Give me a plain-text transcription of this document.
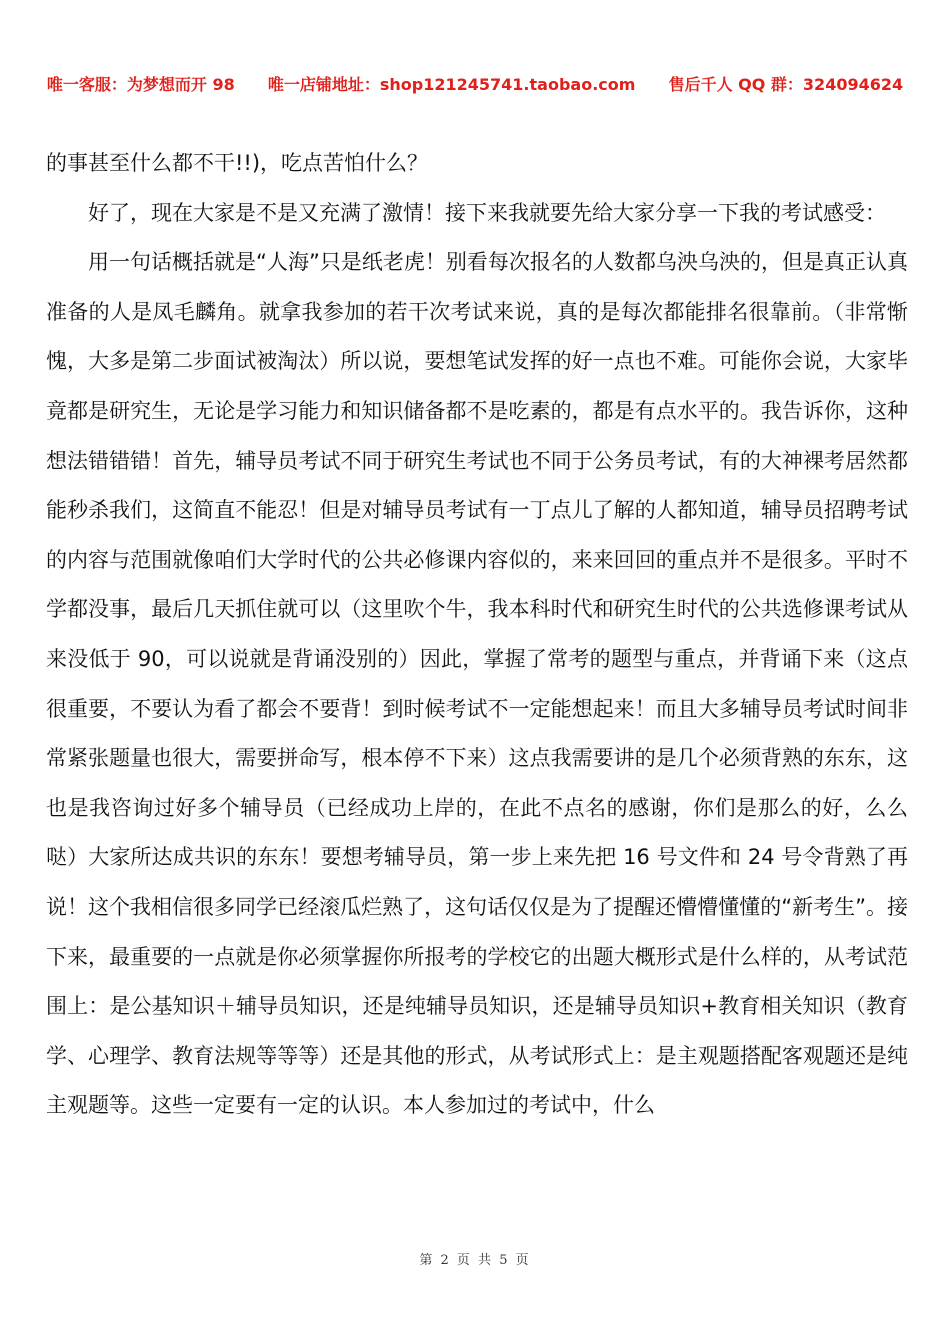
唯一客服：为梦想而开 98 唯一店铺地址：shop121245741.taobao.com 售后千人 QQ 群：324094624

的事甚至什么都不干!!)，吃点苦怕什么？

好了，现在大家是不是又充满了激情！接下来我就要先给大家分享一下我的考试感受：

用一句话概括就是“人海”只是纸老虎！别看每次报名的人数都乌泱乌泱的，但是真正认真准备的人是凤毛麟角。就拿我参加的若干次考试来说，真的是每次都能排名很靠前。（非常惭愧，大多是第二步面试被淘汰）所以说，要想笔试发挥的好一点也不难。可能你会说，大家毕竟都是研究生，无论是学习能力和知识储备都不是吃素的，都是有点水平的。我告诉你，这种想法错错错！首先，辅导员考试不同于研究生考试也不同于公务员考试，有的大神裸考居然都能秒杀我们，这简直不能忍！但是对辅导员考试有一丁点儿了解的人都知道，辅导员招聘考试的内容与范围就像咱们大学时代的公共必修课内容似的，来来回回的重点并不是很多。平时不学都没事，最后几天抓住就可以（这里吹个牛，我本科时代和研究生时代的公共选修课考试从来没低于 90，可以说就是背诵没别的）因此，掌握了常考的题型与重点，并背诵下来（这点很重要，不要认为看了都会不要背！到时候考试不一定能想起来！而且大多辅导员考试时间非常紧张题量也很大，需要拼命写，根本停不下来）这点我需要讲的是几个必须背熟的东东，这也是我咨询过好多个辅导员（已经成功上岸的，在此不点名的感谢，你们是那么的好，么么哒）大家所达成共识的东东！要想考辅导员，第一步上来先把 16 号文件和 24 号令背熟了再说！这个我相信很多同学已经滚瓜烂熟了，这句话仅仅是为了提醒还懵懵懂懂的“新考生”。接下来，最重要的一点就是你必须掌握你所报考的学校它的出题大概形式是什么样的，从考试范围上：是公基知识＋辅导员知识，还是纯辅导员知识，还是辅导员知识+教育相关知识（教育学、心理学、教育法规等等等）还是其他的形式，从考试形式上：是主观题搭配客观题还是纯主观题等。这些一定要有一定的认识。本人参加过的考试中，什么

第 2 页 共 5 页
